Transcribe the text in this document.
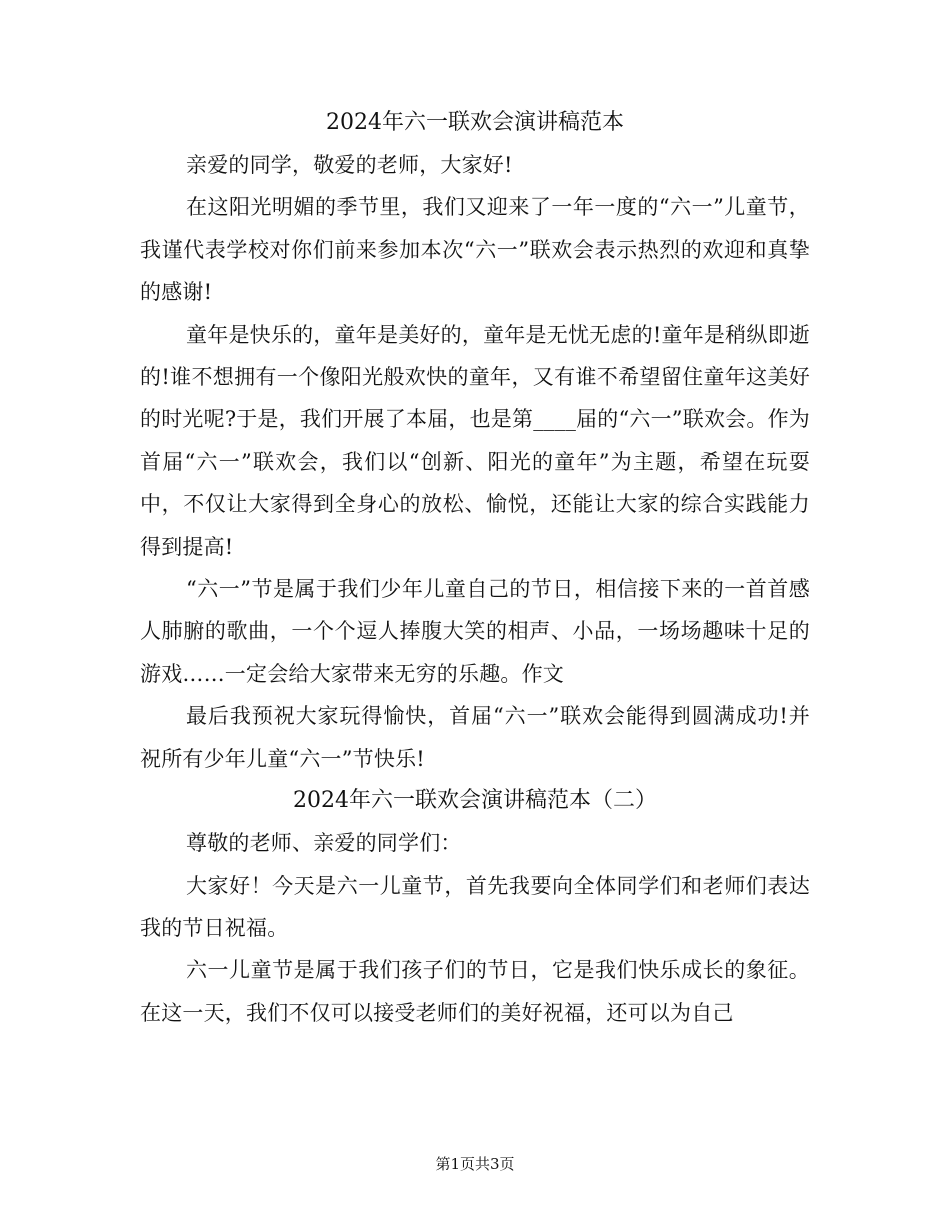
2024年六一联欢会演讲稿范本

亲爱的同学，敬爱的老师，大家好!

在这阳光明媚的季节里，我们又迎来了一年一度的“六一”儿童节，我谨代表学校对你们前来参加本次“六一”联欢会表示热烈的欢迎和真挚的感谢!

童年是快乐的，童年是美好的，童年是无忧无虑的!童年是稍纵即逝的!谁不想拥有一个像阳光般欢快的童年，又有谁不希望留住童年这美好的时光呢?于是，我们开展了本届，也是第____届的“六一”联欢会。作为首届“六一”联欢会，我们以“创新、阳光的童年”为主题，希望在玩耍中，不仅让大家得到全身心的放松、愉悦，还能让大家的综合实践能力得到提高!

“六一”节是属于我们少年儿童自己的节日，相信接下来的一首首感人肺腑的歌曲，一个个逗人捧腹大笑的相声、小品，一场场趣味十足的游戏……一定会给大家带来无穷的乐趣。作文

最后我预祝大家玩得愉快，首届“六一”联欢会能得到圆满成功!并祝所有少年儿童“六一”节快乐!

2024年六一联欢会演讲稿范本（二）

尊敬的老师、亲爱的同学们：

大家好！今天是六一儿童节，首先我要向全体同学们和老师们表达我的节日祝福。

六一儿童节是属于我们孩子们的节日，它是我们快乐成长的象征。在这一天，我们不仅可以接受老师们的美好祝福，还可以为自己

第1页共3页
